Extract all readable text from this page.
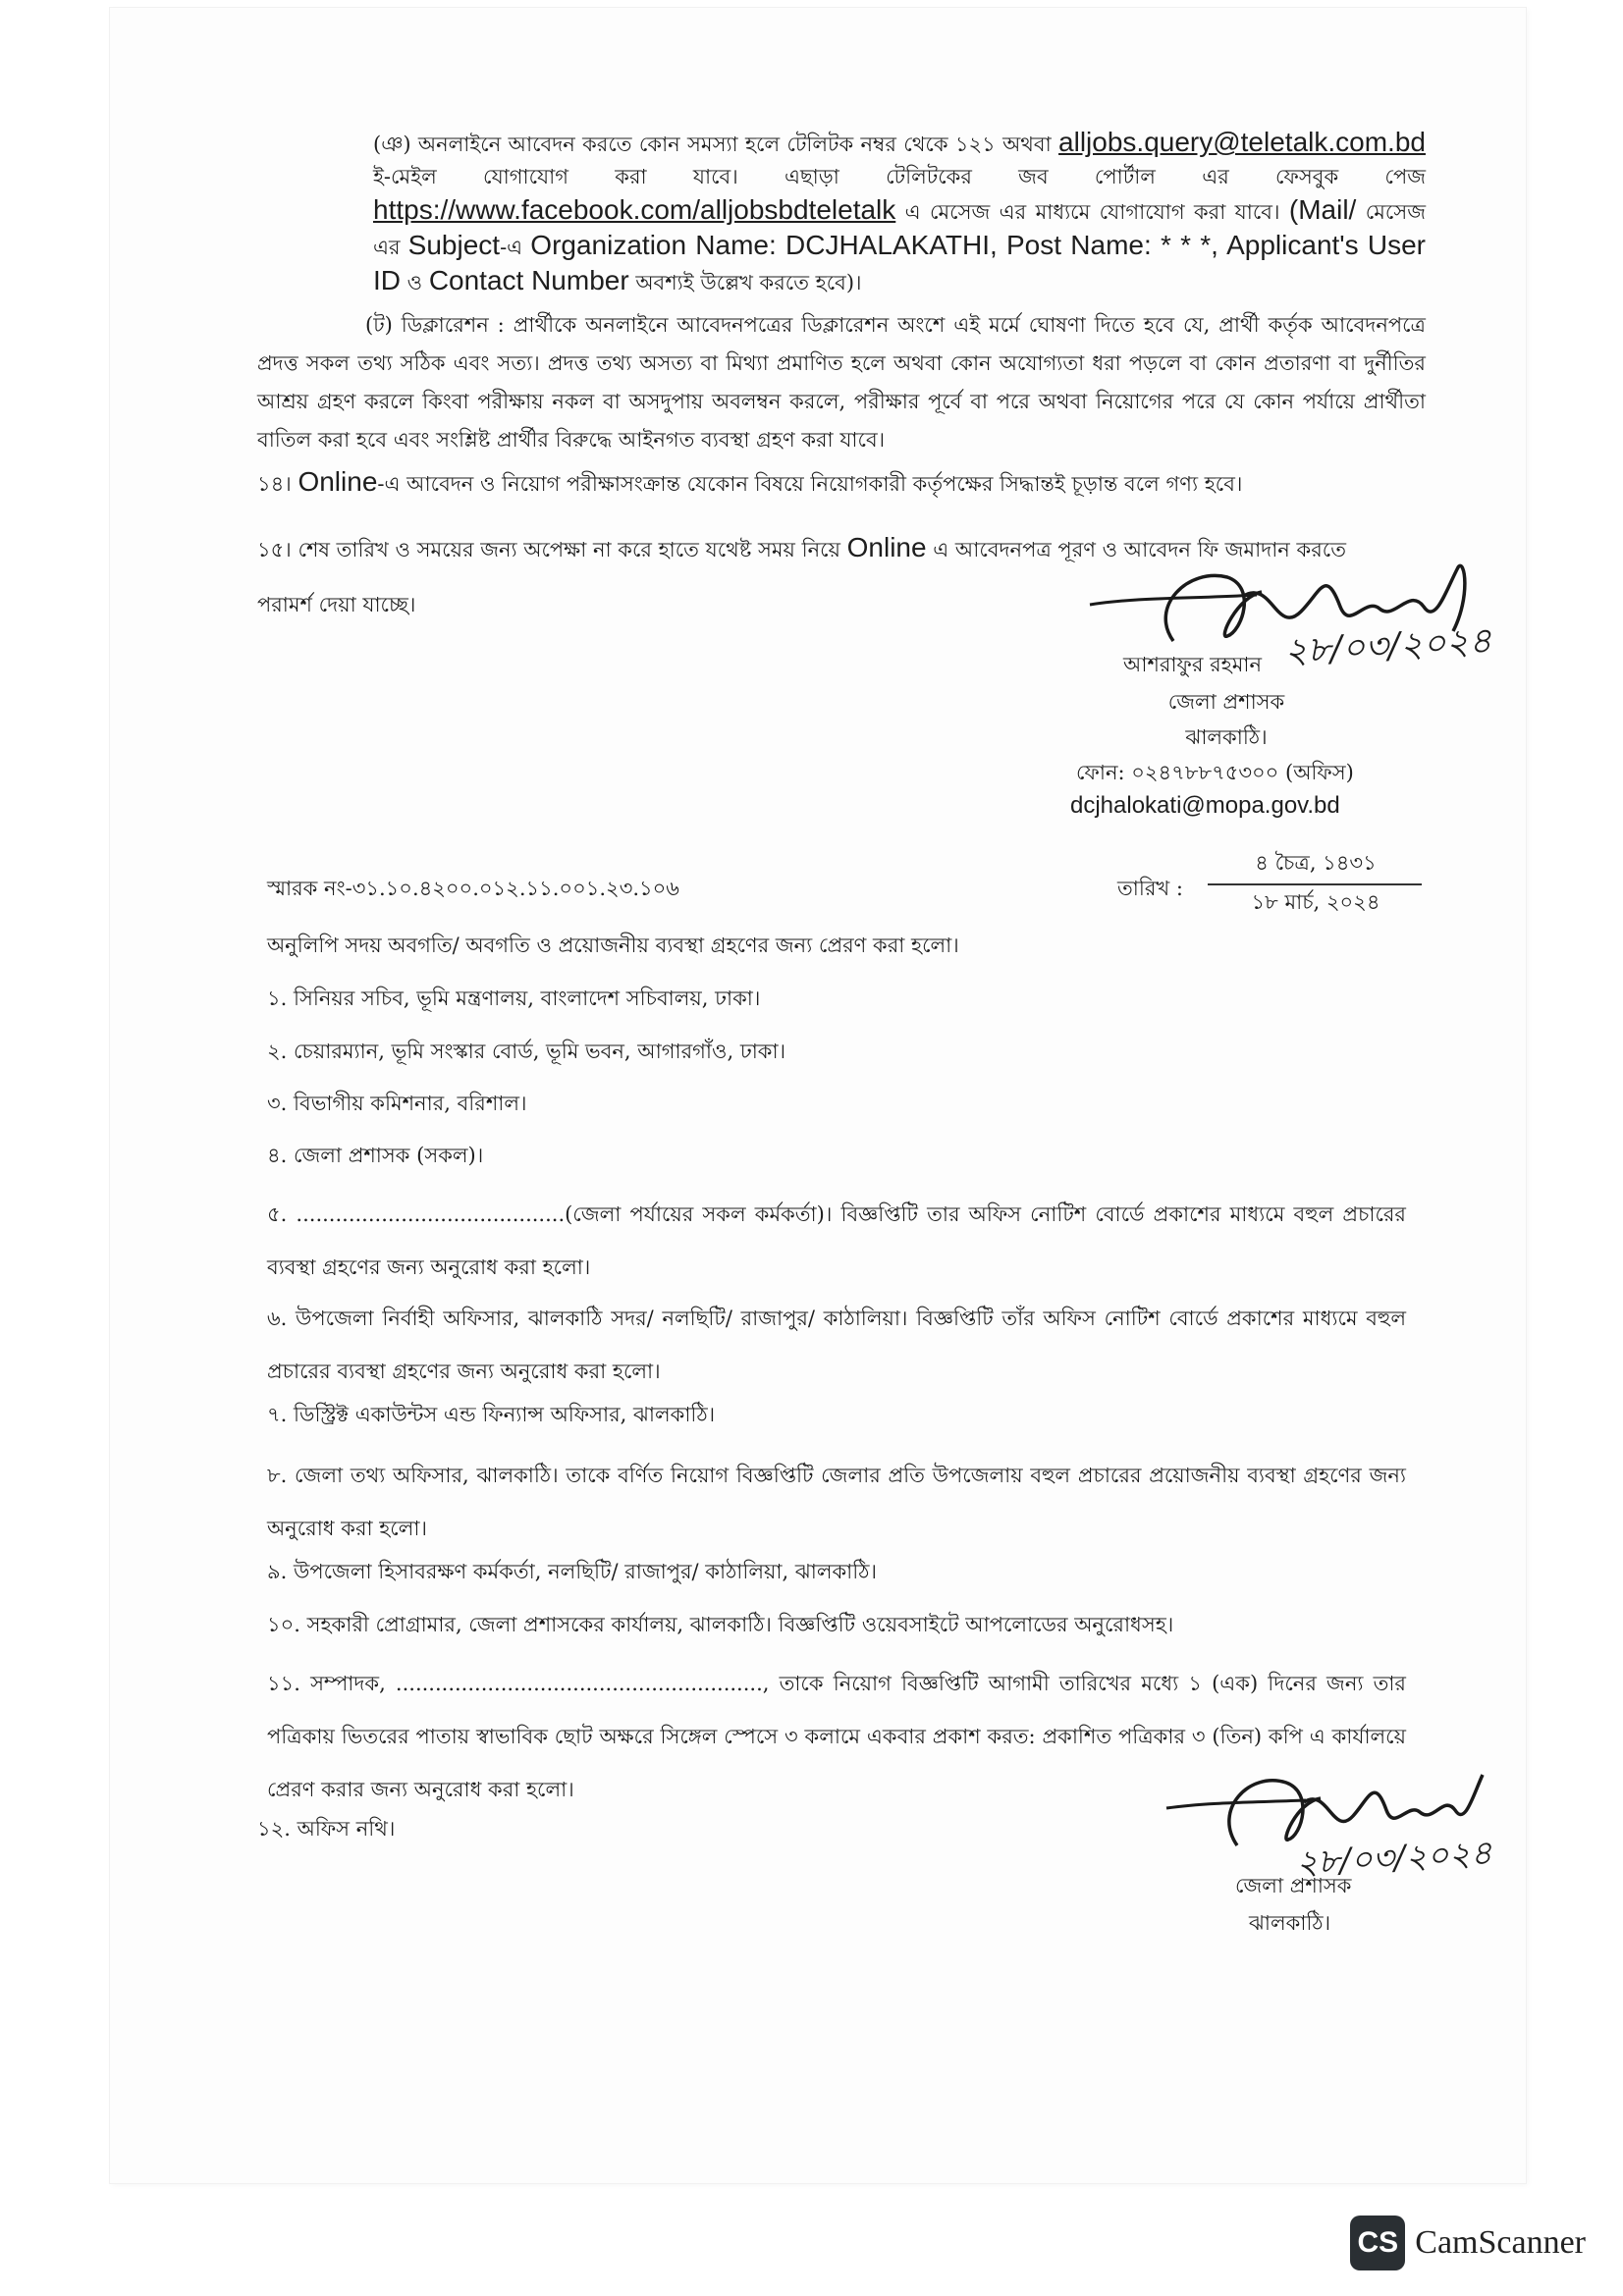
(ঞ) অনলাইনে আবেদন করতে কোন সমস্যা হলে টেলিটক নম্বর থেকে ১২১ অথবা alljobs.query@teletalk.com.bd ই-মেইল যোগাযোগ করা যাবে। এছাড়া টেলিটকের জব পোর্টাল এর ফেসবুক পেজ https://www.facebook.com/alljobsbdteletalk এ মেসেজ এর মাধ্যমে যোগাযোগ করা যাবে। (Mail/ মেসেজ এর Subject-এ Organization Name: DCJHALAKATHI, Post Name: * * *, Applicant's User ID ও Contact Number অবশ্যই উল্লেখ করতে হবে)।
(ট) ডিক্লারেশন : প্রার্থীকে অনলাইনে আবেদনপত্রের ডিক্লারেশন অংশে এই মর্মে ঘোষণা দিতে হবে যে, প্রার্থী কর্তৃক আবেদনপত্রে প্রদত্ত সকল তথ্য সঠিক এবং সত্য। প্রদত্ত তথ্য অসত্য বা মিথ্যা প্রমাণিত হলে অথবা কোন অযোগ্যতা ধরা পড়লে বা কোন প্রতারণা বা দুর্নীতির আশ্রয় গ্রহণ করলে কিংবা পরীক্ষায় নকল বা অসদুপায় অবলম্বন করলে, পরীক্ষার পূর্বে বা পরে অথবা নিয়োগের পরে যে কোন পর্যায়ে প্রার্থীতা বাতিল করা হবে এবং সংশ্লিষ্ট প্রার্থীর বিরুদ্ধে আইনগত ব্যবস্থা গ্রহণ করা যাবে।
১৪। Online-এ আবেদন ও নিয়োগ পরীক্ষাসংক্রান্ত যেকোন বিষয়ে নিয়োগকারী কর্তৃপক্ষের সিদ্ধান্তই চূড়ান্ত বলে গণ্য হবে।
১৫। শেষ তারিখ ও সময়ের জন্য অপেক্ষা না করে হাতে যথেষ্ট সময় নিয়ে Online এ আবেদনপত্র পূরণ ও আবেদন ফি জমাদান করতে
পরামর্শ দেয়া যাচ্ছে।
আশরাফুর রহমান ২৮/০৩/২০২৪
জেলা প্রশাসক
ঝালকাঠি।
ফোন: ০২৪৭৮৮৭৫৩০০ (অফিস)
dcjhalokati@mopa.gov.bd
স্মারক নং-৩১.১০.৪২০০.০১২.১১.০০১.২৩.১০৬	তারিখ :
৪ চৈত্র, ১৪৩১
১৮ মার্চ, ২০২৪
অনুলিপি সদয় অবগতি/ অবগতি ও প্রয়োজনীয় ব্যবস্থা গ্রহণের জন্য প্রেরণ করা হলো।
১. সিনিয়র সচিব, ভূমি মন্ত্রণালয়, বাংলাদেশ সচিবালয়, ঢাকা।
২. চেয়ারম্যান, ভূমি সংস্কার বোর্ড, ভূমি ভবন, আগারগাঁও, ঢাকা।
৩. বিভাগীয় কমিশনার, বরিশাল।
৪. জেলা প্রশাসক (সকল)।
৫. .........................................(জেলা পর্যায়ের সকল কর্মকর্তা)। বিজ্ঞপ্তিটি তার অফিস নোটিশ বোর্ডে প্রকাশের মাধ্যমে বহুল প্রচারের ব্যবস্থা গ্রহণের জন্য অনুরোধ করা হলো।
৬. উপজেলা নির্বাহী অফিসার, ঝালকাঠি সদর/ নলছিটি/ রাজাপুর/ কাঠালিয়া। বিজ্ঞপ্তিটি তাঁর অফিস নোটিশ বোর্ডে প্রকাশের মাধ্যমে বহুল প্রচারের ব্যবস্থা গ্রহণের জন্য অনুরোধ করা হলো।
৭. ডিস্ট্রিক্ট একাউন্টস এন্ড ফিন্যান্স অফিসার, ঝালকাঠি।
৮. জেলা তথ্য অফিসার, ঝালকাঠি। তাকে বর্ণিত নিয়োগ বিজ্ঞপ্তিটি জেলার প্রতি উপজেলায় বহুল প্রচারের প্রয়োজনীয় ব্যবস্থা গ্রহণের জন্য অনুরোধ করা হলো।
৯. উপজেলা হিসাবরক্ষণ কর্মকর্তা, নলছিটি/ রাজাপুর/ কাঠালিয়া, ঝালকাঠি।
১০. সহকারী প্রোগ্রামার, জেলা প্রশাসকের কার্যালয়, ঝালকাঠি। বিজ্ঞপ্তিটি ওয়েবসাইটে আপলোডের অনুরোধসহ।
১১. সম্পাদক, ........................................................, তাকে নিয়োগ বিজ্ঞপ্তিটি আগামী তারিখের মধ্যে ১ (এক) দিনের জন্য তার পত্রিকায় ভিতরের পাতায় স্বাভাবিক ছোট অক্ষরে সিঙ্গেল স্পেসে ৩ কলামে একবার প্রকাশ করত: প্রকাশিত পত্রিকার ৩ (তিন) কপি এ কার্যালয়ে প্রেরণ করার জন্য অনুরোধ করা হলো।
১২. অফিস নথি।
২৮/০৩/২০২৪
জেলা প্রশাসক
ঝালকাঠি।
CS CamScanner
